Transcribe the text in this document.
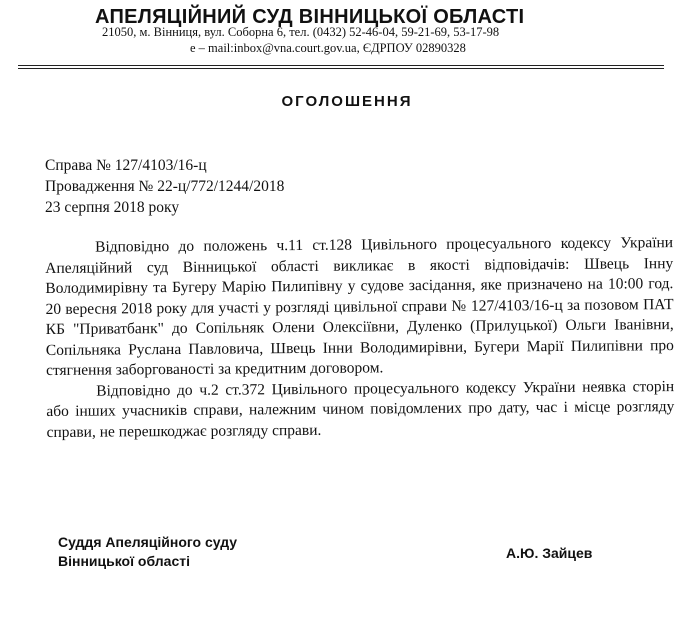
АПЕЛЯЦІЙНИЙ СУД ВІННИЦЬКОЇ ОБЛАСТІ
21050, м. Вінниця, вул. Соборна 6, тел. (0432) 52-46-04, 59-21-69, 53-17-98
e – mail:inbox@vna.court.gov.ua, ЄДРПОУ 02890328
ОГОЛОШЕННЯ
Справа № 127/4103/16-ц
Провадження № 22-ц/772/1244/2018
23 серпня 2018 року

Відповідно до положень ч.11 ст.128 Цивільного процесуального кодексу України Апеляційний суд Вінницької області викликає в якості відповідачів: Швець Інну Володимирівну та Бугеру Марію Пилипівну у судове засідання, яке призначено на 10:00 год. 20 вересня 2018 року для участі у розгляді цивільної справи № 127/4103/16-ц за позовом ПАТ КБ "Приватбанк" до Сопільняк Олени Олексіївни, Дуленко (Прилуцької) Ольги Іванівни, Сопільняка Руслана Павловича, Швець Інни Володимирівни, Бугери Марії Пилипівни про стягнення заборгованості за кредитним договором.

Відповідно до ч.2 ст.372 Цивільного процесуального кодексу України неявка сторін або інших учасників справи, належним чином повідомлених про дату, час і місце розгляду справи, не перешкоджає розгляду справи.

Суддя Апеляційного суду
Вінницької області	А.Ю. Зайцев
